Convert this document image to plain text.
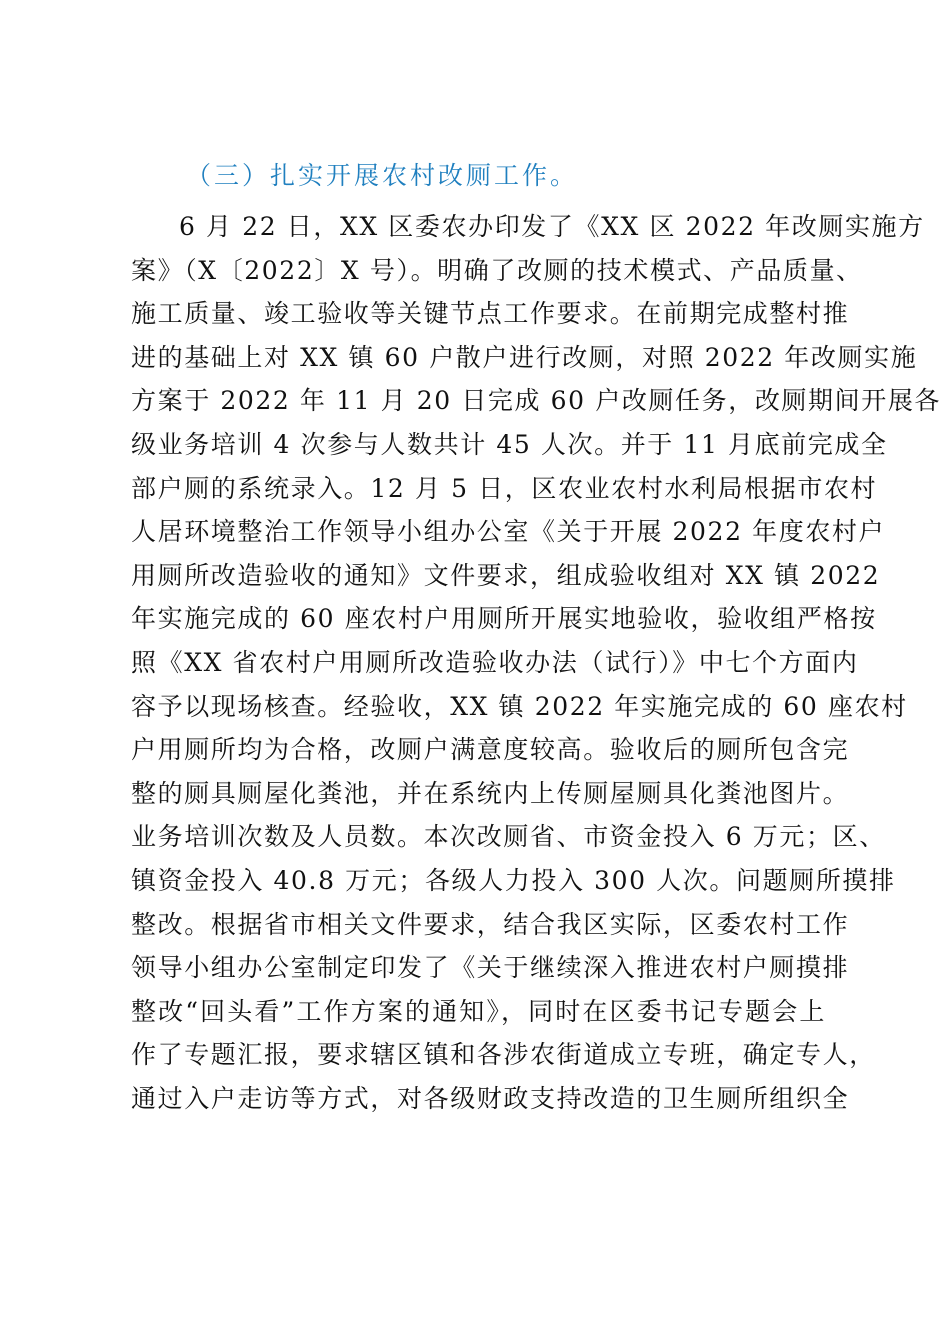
（三）扎实开展农村改厕工作。
6 月 22 日，XX 区委农办印发了《XX 区 2022 年改厕实施方
案》（X〔2022〕X 号）。明确了改厕的技术模式、产品质量、
施工质量、竣工验收等关键节点工作要求。在前期完成整村推
进的基础上对 XX 镇 60 户散户进行改厕，对照 2022 年改厕实施
方案于 2022 年 11 月 20 日完成 60 户改厕任务，改厕期间开展各
级业务培训 4 次参与人数共计 45 人次。并于 11 月底前完成全
部户厕的系统录入。12 月 5 日，区农业农村水利局根据市农村
人居环境整治工作领导小组办公室《关于开展 2022 年度农村户
用厕所改造验收的通知》文件要求，组成验收组对 XX 镇 2022
年实施完成的 60 座农村户用厕所开展实地验收，验收组严格按
照《XX 省农村户用厕所改造验收办法（试行）》中七个方面内
容予以现场核查。经验收，XX 镇 2022 年实施完成的 60 座农村
户用厕所均为合格，改厕户满意度较高。验收后的厕所包含完
整的厕具厕屋化粪池，并在系统内上传厕屋厕具化粪池图片。
业务培训次数及人员数。本次改厕省、市资金投入 6 万元；区、
镇资金投入 40.8 万元；各级人力投入 300 人次。问题厕所摸排
整改。根据省市相关文件要求，结合我区实际，区委农村工作
领导小组办公室制定印发了《关于继续深入推进农村户厕摸排
整改“回头看”工作方案的通知》，同时在区委书记专题会上
作了专题汇报，要求辖区镇和各涉农街道成立专班，确定专人，
通过入户走访等方式，对各级财政支持改造的卫生厕所组织全
